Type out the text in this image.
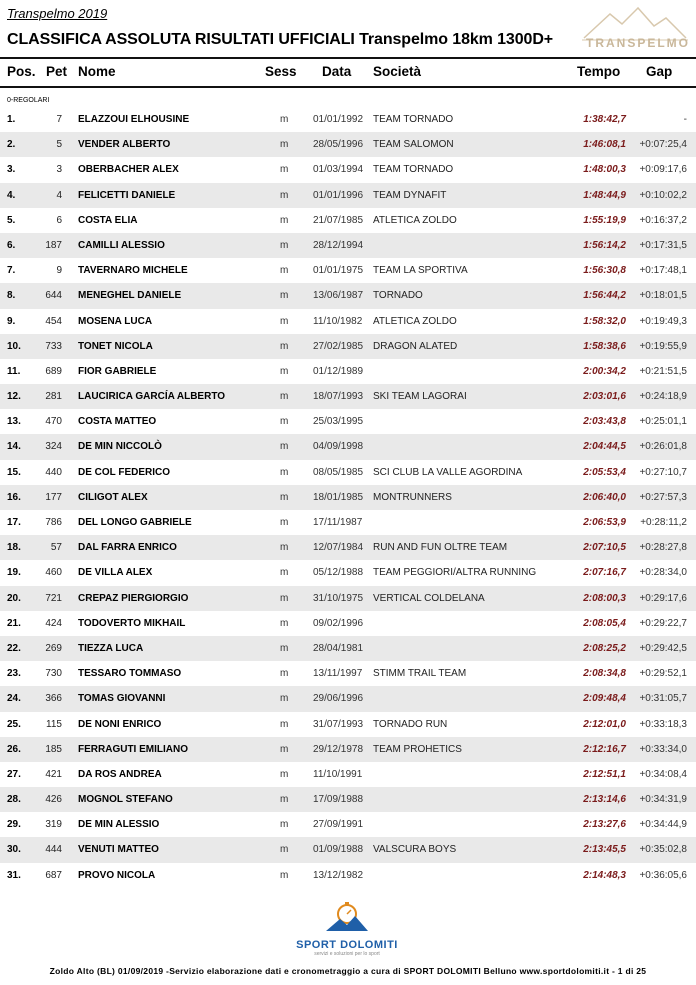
Transpelmo 2019
CLASSIFICA ASSOLUTA RISULTATI UFFICIALI Transpelmo 18km 1300D+	TRANSPELMO
Pos. Pet Nome	Sess Data Società	Tempo Gap
0-REGOLARI
1.	7 ELAZZOUI ELHOUSINE	m 01/01/1992 TEAM TORNADO	1:38:42,7	-
2.	5 VENDER ALBERTO	m 28/05/1996 TEAM SALOMON	1:46:08,1	+0:07:25,4
3.	3 OBERBACHER ALEX	m 01/03/1994 TEAM TORNADO	1:48:00,3	+0:09:17,6
4.	4 FELICETTI DANIELE	m 01/01/1996 TEAM DYNAFIT	1:48:44,9	+0:10:02,2
5.	6 COSTA ELIA	m 21/07/1985 ATLETICA ZOLDO	1:55:19,9	+0:16:37,2
6.	187 CAMILLI ALESSIO	m 28/12/1994	1:56:14,2	+0:17:31,5
7.	9 TAVERNARO MICHELE	m 01/01/1975 TEAM LA SPORTIVA	1:56:30,8	+0:17:48,1
8.	644 MENEGHEL DANIELE	m 13/06/1987 TORNADO	1:56:44,2	+0:18:01,5
9.	454 MOSENA LUCA	m 11/10/1982 ATLETICA ZOLDO	1:58:32,0	+0:19:49,3
10.	733 TONET NICOLA	m 27/02/1985 DRAGON ALATED	1:58:38,6	+0:19:55,9
11.	689 FIOR GABRIELE	m 01/12/1989	2:00:34,2	+0:21:51,5
12.	281 LAUCIRICA GARCÍA ALBERTO	m 18/07/1993 SKI TEAM LAGORAI	2:03:01,6	+0:24:18,9
13.	470 COSTA MATTEO	m 25/03/1995	2:03:43,8	+0:25:01,1
14.	324 DE MIN NICCOLÒ	m 04/09/1998	2:04:44,5	+0:26:01,8
15.	440 DE COL FEDERICO	m 08/05/1985 SCI CLUB LA VALLE AGORDINA	2:05:53,4	+0:27:10,7
16.	177 CILIGOT ALEX	m 18/01/1985 MONTRUNNERS	2:06:40,0	+0:27:57,3
17.	786 DEL LONGO GABRIELE	m 17/11/1987	2:06:53,9	+0:28:11,2
18.	57 DAL FARRA ENRICO	m 12/07/1984 RUN AND FUN OLTRE TEAM	2:07:10,5	+0:28:27,8
19.	460 DE VILLA ALEX	m 05/12/1988 TEAM PEGGIORI/ALTRA RUNNING	2:07:16,7	+0:28:34,0
20.	721 CREPAZ PIERGIORGIO	m 31/10/1975 VERTICAL COLDELANA	2:08:00,3	+0:29:17,6
21.	424 TODOVERTO MIKHAIL	m 09/02/1996	2:08:05,4	+0:29:22,7
22.	269 TIEZZA LUCA	m 28/04/1981	2:08:25,2	+0:29:42,5
23.	730 TESSARO TOMMASO	m 13/11/1997 STIMM TRAIL TEAM	2:08:34,8	+0:29:52,1
24.	366 TOMAS GIOVANNI	m 29/06/1996	2:09:48,4	+0:31:05,7
25.	115 DE NONI ENRICO	m 31/07/1993 TORNADO RUN	2:12:01,0	+0:33:18,3
26.	185 FERRAGUTI EMILIANO	m 29/12/1978 TEAM PROHETICS	2:12:16,7	+0:33:34,0
27.	421 DA ROS ANDREA	m 11/10/1991	2:12:51,1	+0:34:08,4
28.	426 MOGNOL STEFANO	m 17/09/1988	2:13:14,6	+0:34:31,9
29.	319 DE MIN ALESSIO	m 27/09/1991	2:13:27,6	+0:34:44,9
30.	444 VENUTI MATTEO	m 01/09/1988 VALSCURA BOYS	2:13:45,5	+0:35:02,8
31.	687 PROVO NICOLA	m 13/12/1982	2:14:48,3	+0:36:05,6
SPORT DOLOMITI
servizi e soluzioni per lo sport
Zoldo Alto (BL) 01/09/2019 -Servizio elaborazione dati e cronometraggio a cura di SPORT DOLOMITI Belluno www.sportdolomiti.it - 1 di 25
